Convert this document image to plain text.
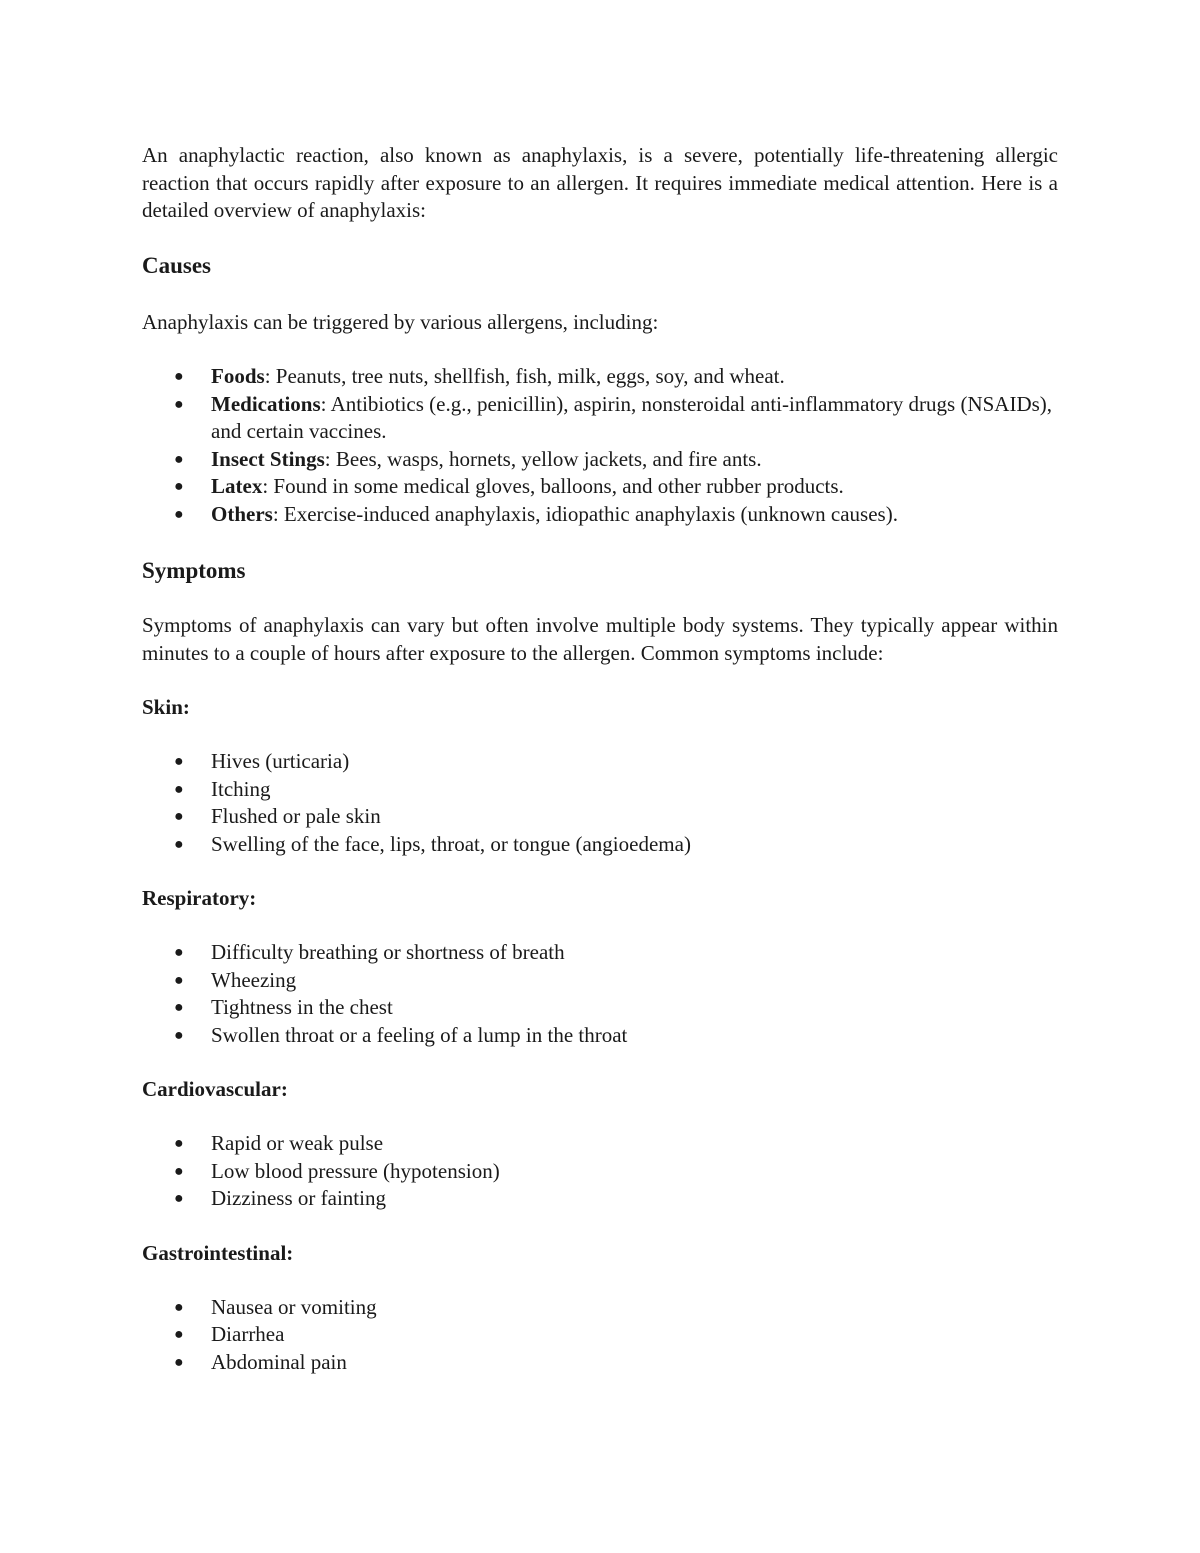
An anaphylactic reaction, also known as anaphylaxis, is a severe, potentially life-threatening allergic reaction that occurs rapidly after exposure to an allergen. It requires immediate medical attention. Here is a detailed overview of anaphylaxis:

Causes

Anaphylaxis can be triggered by various allergens, including:

● Foods: Peanuts, tree nuts, shellfish, fish, milk, eggs, soy, and wheat.
● Medications: Antibiotics (e.g., penicillin), aspirin, nonsteroidal anti-inflammatory drugs (NSAIDs), and certain vaccines.
● Insect Stings: Bees, wasps, hornets, yellow jackets, and fire ants.
● Latex: Found in some medical gloves, balloons, and other rubber products.
● Others: Exercise-induced anaphylaxis, idiopathic anaphylaxis (unknown causes).
Symptoms

Symptoms of anaphylaxis can vary but often involve multiple body systems. They typically appear within minutes to a couple of hours after exposure to the allergen. Common symptoms include:

Skin:
● Hives (urticaria)
● Itching
● Flushed or pale skin
● Swelling of the face, lips, throat, or tongue (angioedema)
Respiratory:
● Difficulty breathing or shortness of breath
● Wheezing
● Tightness in the chest
● Swollen throat or a feeling of a lump in the throat
Cardiovascular:
● Rapid or weak pulse
● Low blood pressure (hypotension)
● Dizziness or fainting
Gastrointestinal:
● Nausea or vomiting
● Diarrhea
● Abdominal pain
